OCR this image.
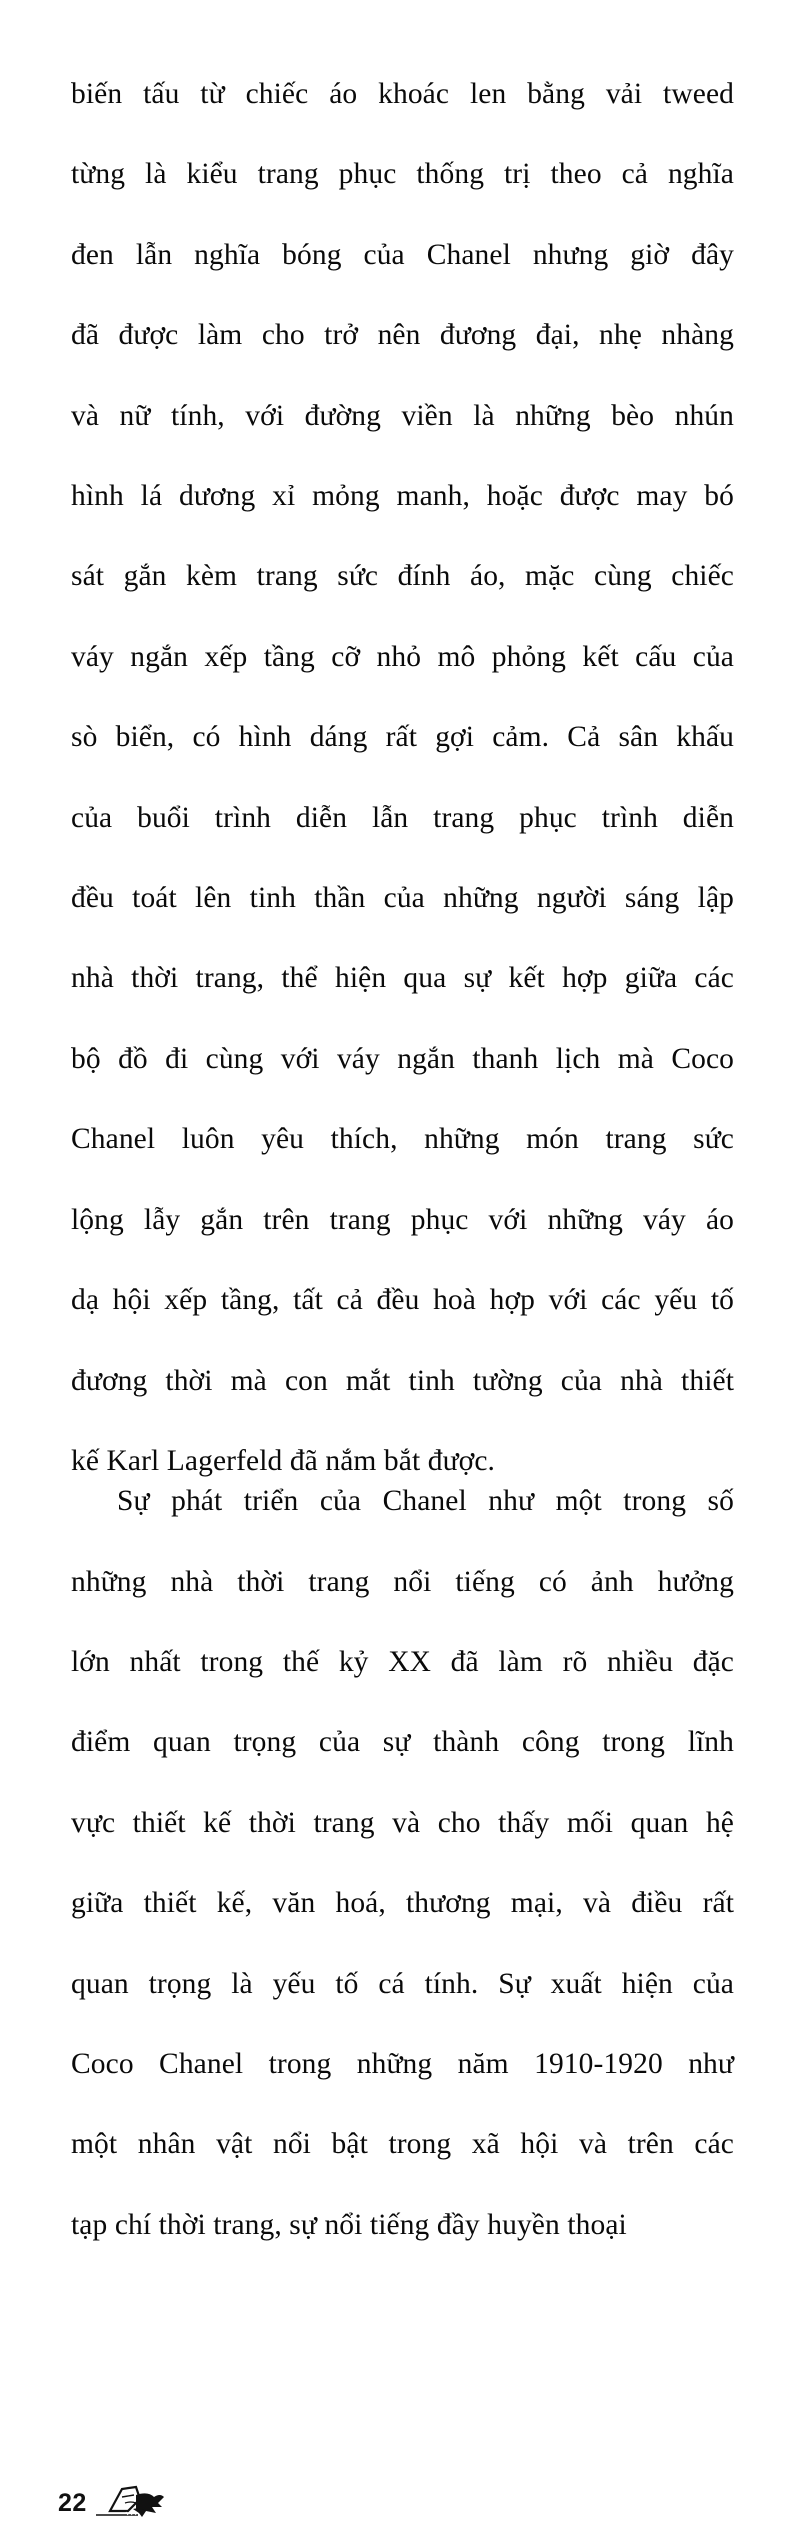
biến tấu từ chiếc áo khoác len bằng vải tweed
từng là kiểu trang phục thống trị theo cả nghĩa
đen lẫn nghĩa bóng của Chanel nhưng giờ đây
đã được làm cho trở nên đương đại, nhẹ nhàng
và nữ tính, với đường viền là những bèo nhún
hình lá dương xỉ mỏng manh, hoặc được may bó
sát gắn kèm trang sức đính áo, mặc cùng chiếc
váy ngắn xếp tầng cỡ nhỏ mô phỏng kết cấu của
sò biển, có hình dáng rất gợi cảm. Cả sân khấu
của buổi trình diễn lẫn trang phục trình diễn
đều toát lên tinh thần của những người sáng lập
nhà thời trang, thể hiện qua sự kết hợp giữa các
bộ đồ đi cùng với váy ngắn thanh lịch mà Coco
Chanel luôn yêu thích, những món trang sức
lộng lẫy gắn trên trang phục với những váy áo
dạ hội xếp tầng, tất cả đều hoà hợp với các yếu tố
đương thời mà con mắt tinh tường của nhà thiết
kế Karl Lagerfeld đã nắm bắt được.

Sự phát triển của Chanel như một trong số
những nhà thời trang nổi tiếng có ảnh hưởng
lớn nhất trong thế kỷ XX đã làm rõ nhiều đặc
điểm quan trọng của sự thành công trong lĩnh
vực thiết kế thời trang và cho thấy mối quan hệ
giữa thiết kế, văn hoá, thương mại, và điều rất
quan trọng là yếu tố cá tính. Sự xuất hiện của
Coco Chanel trong những năm 1910-1920 như
một nhân vật nổi bật trong xã hội và trên các
tạp chí thời trang, sự nổi tiếng đầy huyền thoại

22
